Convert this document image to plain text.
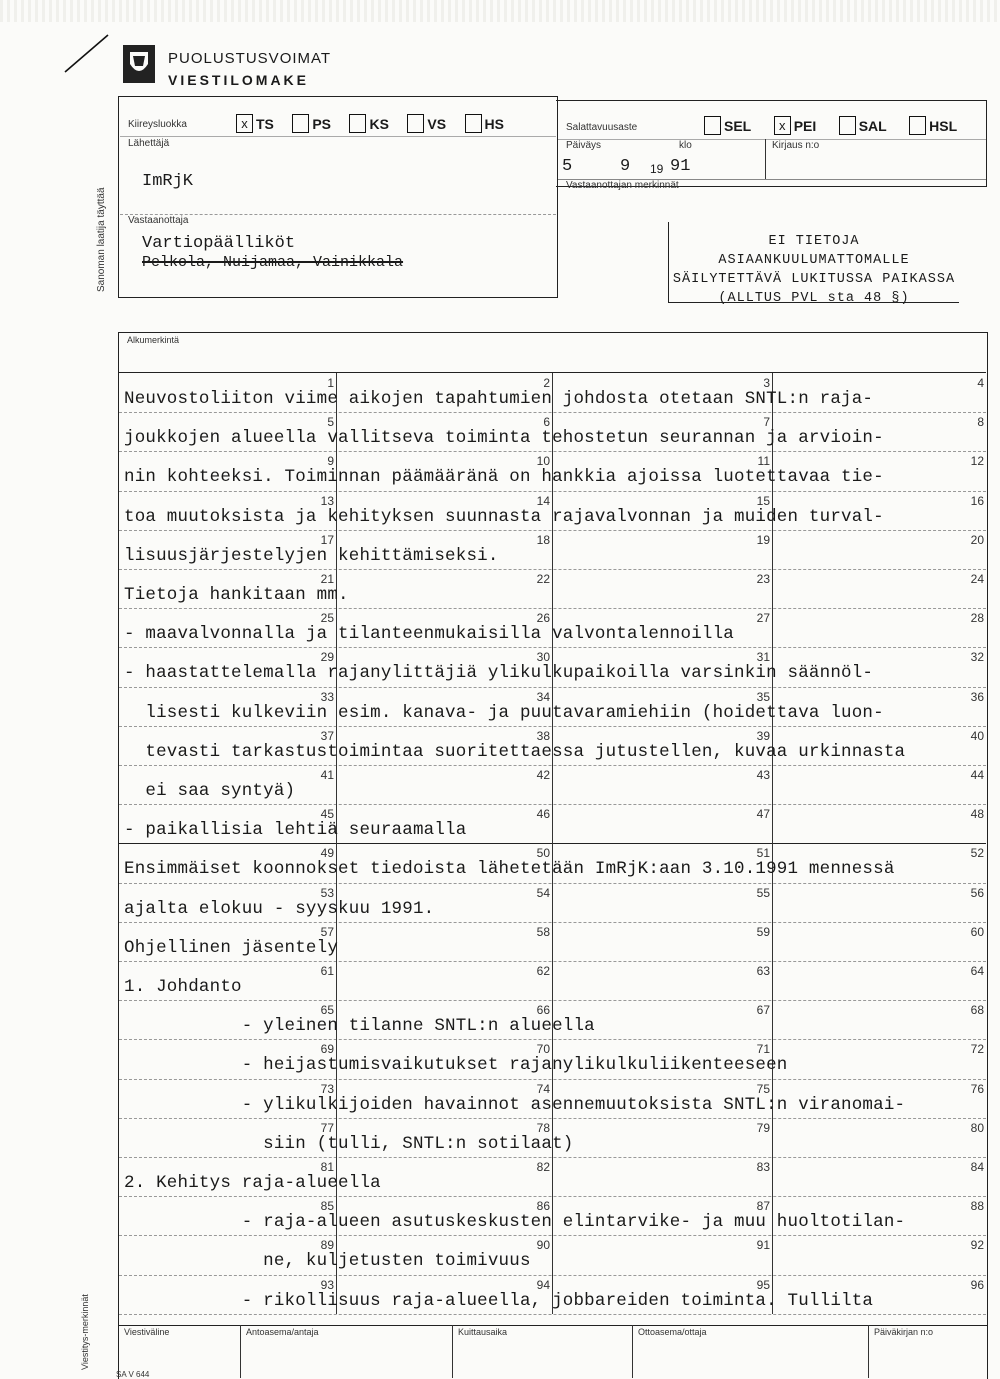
PUOLUSTUSVOIMAT
VIESTILOMAKE
Kiireysluokka	x TS	PS	KS	VS	HS	Salattavuusaste	SEL x PEI	SAL	HSL
Lähettäjä
ImRjK
Päiväys	klo	Kirjaus n:o
5	9 19 91
Vastaanottajan merkinnät
Vastaanottaja
Vartiopäälliköt
Pelkola, Nuijamaa, Vainikkala
Sanoman laatija täyttää	EI TIETOJA ASIAANKUULUMATTOMALLE
SÄILYTETTÄVÄ LUKITUSSA PAIKASSA
(ALLTUS PVL sta 48 §)
Alkumerkintä
1	2	3	4
Neuvostoliiton viime aikojen tapahtumien johdosta otetaan SNTL:n raja-
5	6	7	8
joukkojen alueella vallitseva toiminta tehostetun seurannan ja arvioin-
9	10	11	12
nin kohteeksi. Toiminnan päämääränä on hankkia ajoissa luotettavaa tie-
13	14	15	16
toa muutoksista ja kehityksen suunnasta rajavalvonnan ja muiden turval-
17	18	19	20
lisuusjärjestelyjen kehittämiseksi.
21	22	23	24
Tietoja hankitaan mm.
25	26	27	28
- maavalvonnalla ja tilanteenmukaisilla valvontalennoilla
29	30	31	32
- haastattelemalla rajanylittäjiä ylikulkupaikoilla varsinkin säännöl-
33	34	35	36
lisesti kulkeviin esim. kanava- ja puutavaramiehiin (hoidettava luon-
37	38	39	40
tevasti tarkastustoimintaa suoritettaessa jutustellen, kuvaa urkinnasta
41	42	43	44
ei saa syntyä)
45	46	47	48
- paikallisia lehtiä seuraamalla
49	50	51	52
Ensimmäiset koonnokset tiedoista lähetetään ImRjK:aan 3.10.1991 mennessä
53	54	55	56
ajalta elokuu - syyskuu 1991.
57	58	59	60
Ohjellinen jäsentely
61	62	63	64
1. Johdanto
65	66	67	68
- yleinen tilanne SNTL:n alueella
69	70	71	72
- heijastumisvaikutukset rajanylikulkuliikenteeseen
73	74	75	76
- ylikulkijoiden havainnot asennemuutoksista SNTL:n viranomai-
77	78	79	80
siin (tulli, SNTL:n sotilaat)
81	82	83	84
2. Kehitys raja-alueella
85	86	87	88
- raja-alueen asutuskeskusten elintarvike- ja muu huoltotilan-
89	90	91	92
ne, kuljetusten toimivuus
93	94	95	96
- rikollisuus raja-alueella, jobbareiden toiminta. Tullilta
Viestiväline	Antoasema/antaja	Kuittausaika	Ottoasema/ottaja	Päiväkirjan n:o
Viestitys-merkinnät
SA V 644
